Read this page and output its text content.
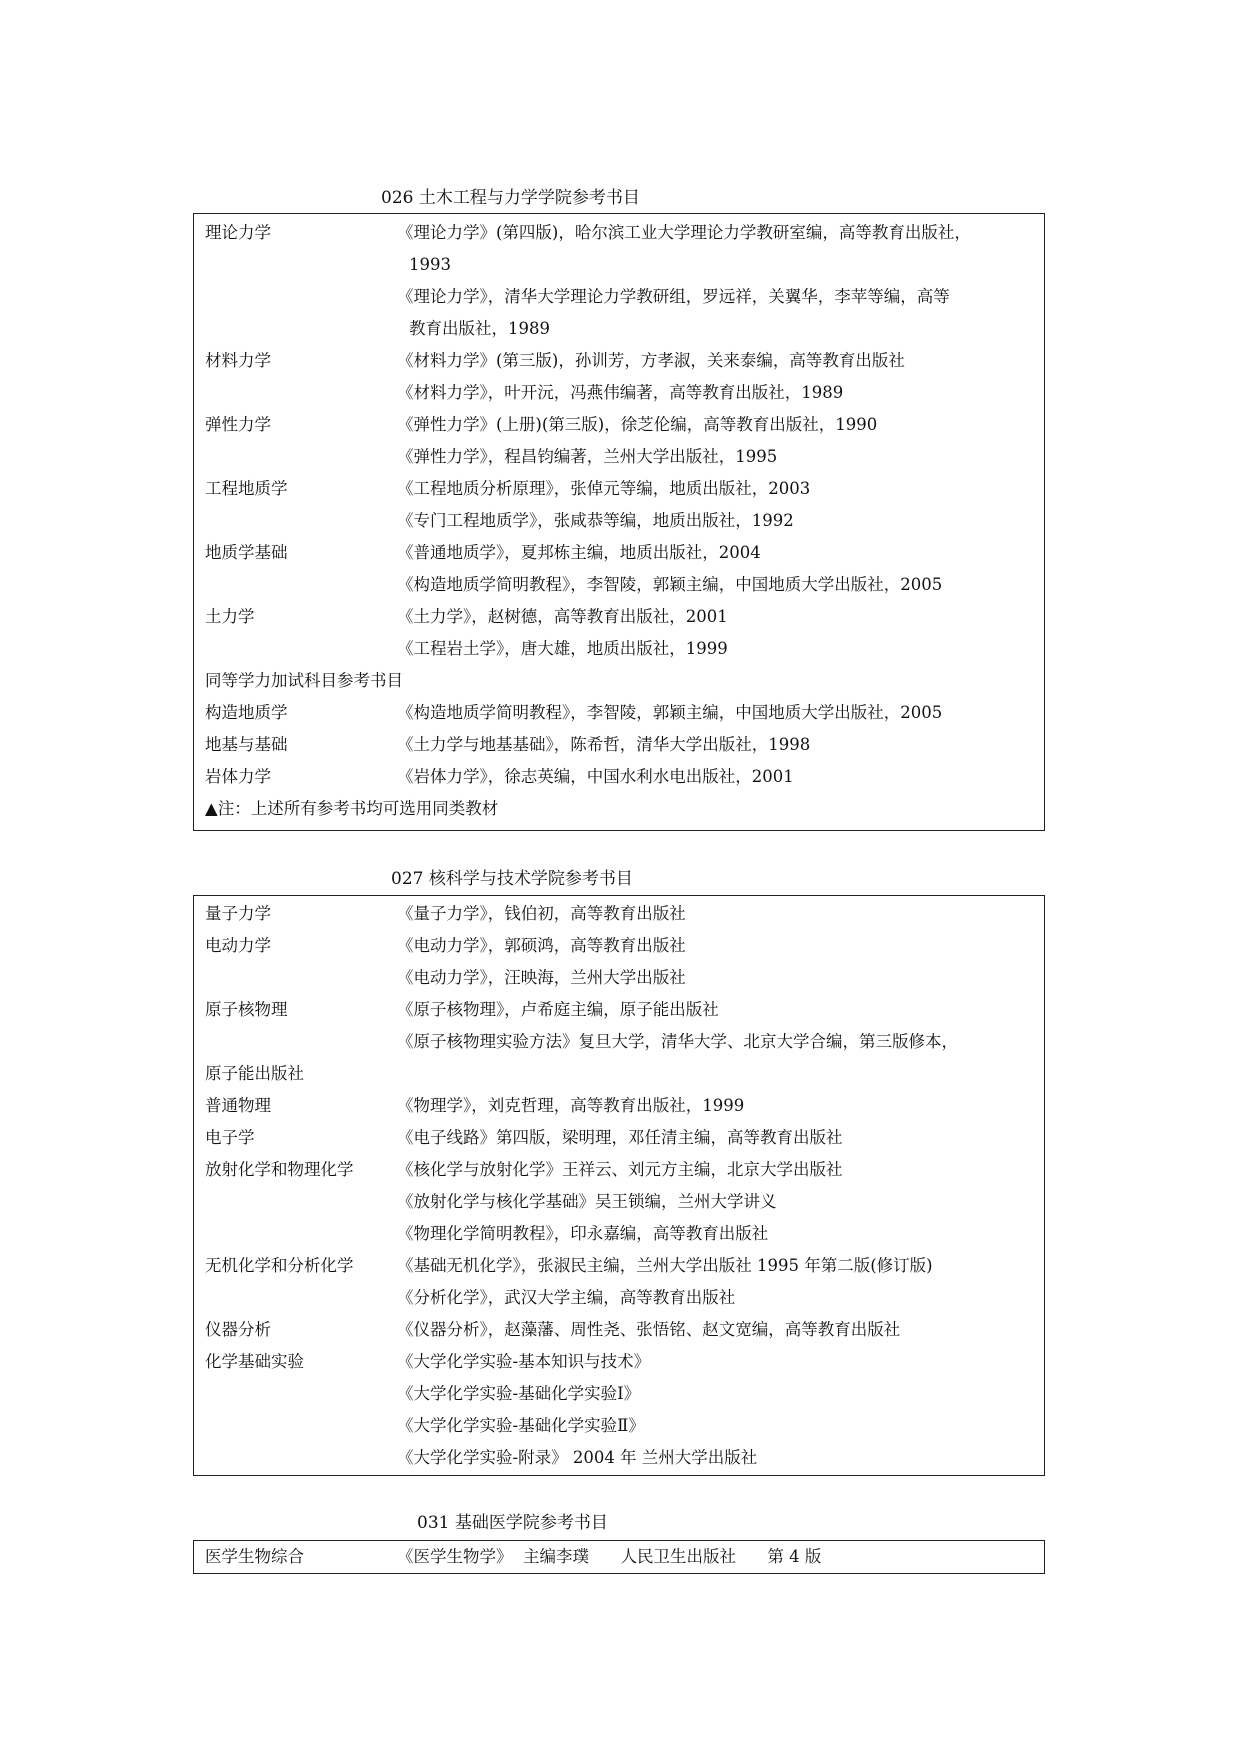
026 土木工程与力学学院参考书目
理论力学	《理论力学》(第四版)，哈尔滨工业大学理论力学教研室编，高等教育出版社，
1993
《理论力学》，清华大学理论力学教研组，罗远祥，关翼华，李苹等编，高等
教育出版社，1989
材料力学	《材料力学》(第三版)，孙训芳，方孝淑，关来泰编，高等教育出版社
《材料力学》，叶开沅，冯燕伟编著，高等教育出版社，1989
弹性力学	《弹性力学》(上册)(第三版)，徐芝伦编，高等教育出版社，1990
《弹性力学》，程昌钧编著，兰州大学出版社，1995
工程地质学	《工程地质分析原理》，张倬元等编，地质出版社，2003
《专门工程地质学》，张咸恭等编，地质出版社，1992
地质学基础	《普通地质学》，夏邦栋主编，地质出版社，2004
《构造地质学简明教程》，李智陵，郭颖主编，中国地质大学出版社，2005
土力学	《土力学》，赵树德，高等教育出版社，2001
《工程岩土学》，唐大雄，地质出版社，1999
同等学力加试科目参考书目
构造地质学	《构造地质学简明教程》，李智陵，郭颖主编，中国地质大学出版社，2005
地基与基础	《土力学与地基基础》，陈希哲，清华大学出版社，1998
岩体力学	《岩体力学》，徐志英编，中国水利水电出版社，2001
▲注：上述所有参考书均可选用同类教材
027 核科学与技术学院参考书目
量子力学	《量子力学》，钱伯初，高等教育出版社
电动力学	《电动力学》，郭硕鸿，高等教育出版社
《电动力学》，汪映海，兰州大学出版社
原子核物理	《原子核物理》，卢希庭主编，原子能出版社
《原子核物理实验方法》复旦大学，清华大学、北京大学合编，第三版修本，
原子能出版社
普通物理	《物理学》，刘克哲理，高等教育出版社，1999
电子学	《电子线路》第四版，梁明理，邓任清主编，高等教育出版社
放射化学和物理化学	《核化学与放射化学》王祥云、刘元方主编，北京大学出版社
《放射化学与核化学基础》吴王锁编，兰州大学讲义
《物理化学简明教程》，印永嘉编，高等教育出版社
无机化学和分析化学	《基础无机化学》，张淑民主编，兰州大学出版社 1995 年第二版(修订版)
《分析化学》，武汉大学主编，高等教育出版社
仪器分析	《仪器分析》，赵藻藩、周性尧、张悟铭、赵文宽编，高等教育出版社
化学基础实验	《大学化学实验-基本知识与技术》
《大学化学实验-基础化学实验Ⅰ》
《大学化学实验-基础化学实验Ⅱ》
《大学化学实验-附录》 2004 年 兰州大学出版社
031 基础医学院参考书目
医学生物综合	《医学生物学》  主编李璞      人民卫生出版社      第 4 版
